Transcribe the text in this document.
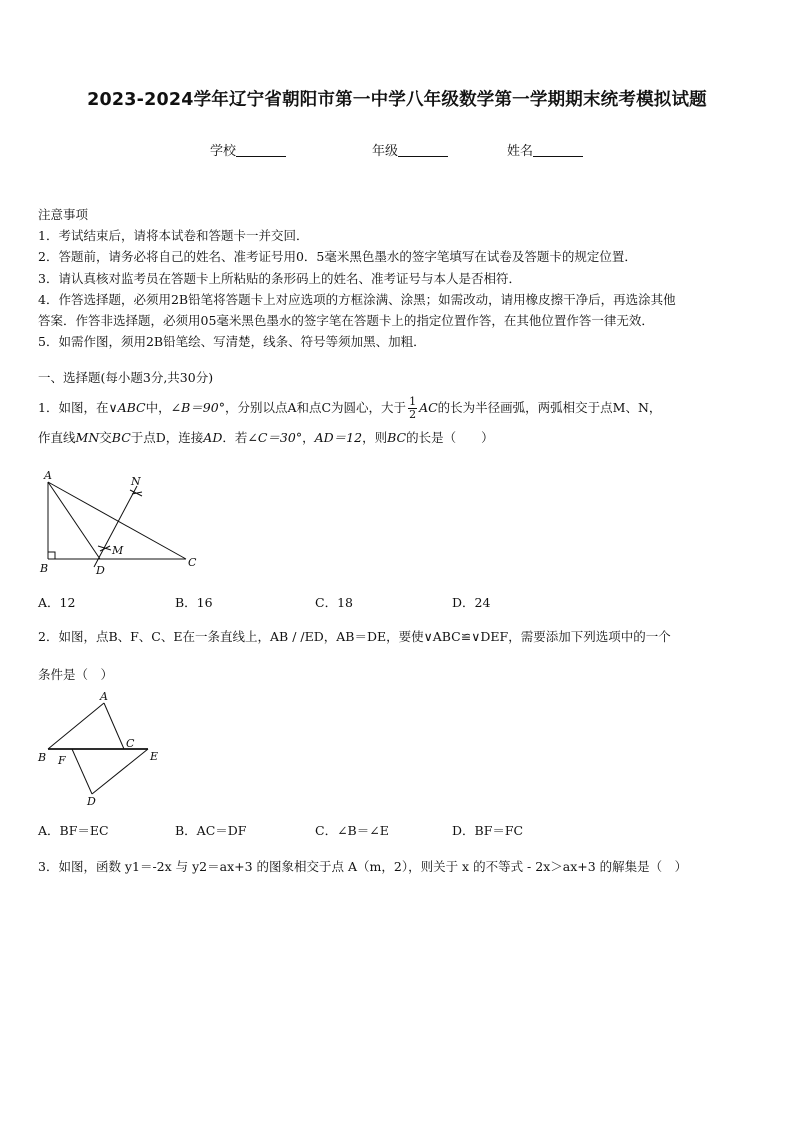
2023-2024学年辽宁省朝阳市第一中学八年级数学第一学期期末统考模拟试题
学校	年级	姓名

注意事项

1．考试结束后，请将本试卷和答题卡一并交回．

2．答题前，请务必将自己的姓名、准考证号用0．5毫米黑色墨水的签字笔填写在试卷及答题卡的规定位置．

3．请认真核对监考员在答题卡上所粘贴的条形码上的姓名、准考证号与本人是否相符．

4．作答选择题，必须用2B铅笔将答题卡上对应选项的方框涂满、涂黑；如需改动，请用橡皮擦干净后，再选涂其他

答案．作答非选择题，必须用05毫米黑色墨水的签字笔在答题卡上的指定位置作答，在其他位置作答一律无效．

5．如需作图，须用2B铅笔绘、写清楚，线条、符号等须加黑、加粗．

一、选择题(每小题3分,共30分)
1．如图，在∨ABC中，∠B＝90°，分别以点A和点C为圆心，大于 $\frac{1}{2}$ AC的长为半径画弧，两弧相交于点M、N，
作直线MN交BC于点D，连接AD．若∠C＝30°，AD＝12，则BC的长是（　　）
A
B	C
D
M
N
A．12	B．16	C．18	D．24
2．如图，点B、F、C、E在一条直线上，AB / /ED，AB＝DE，要使∨ABC≌∨DEF，需要添加下列选项中的一个
条件是（　）
A
B F
C
E
D
A．BF＝EC	B．AC＝DF	C．∠B＝∠E	D．BF＝FC
3．如图，函数 y1＝-2x 与 y2＝ax+3 的图象相交于点 A（m，2），则关于 x 的不等式 - 2x＞ax+3 的解集是（　）
